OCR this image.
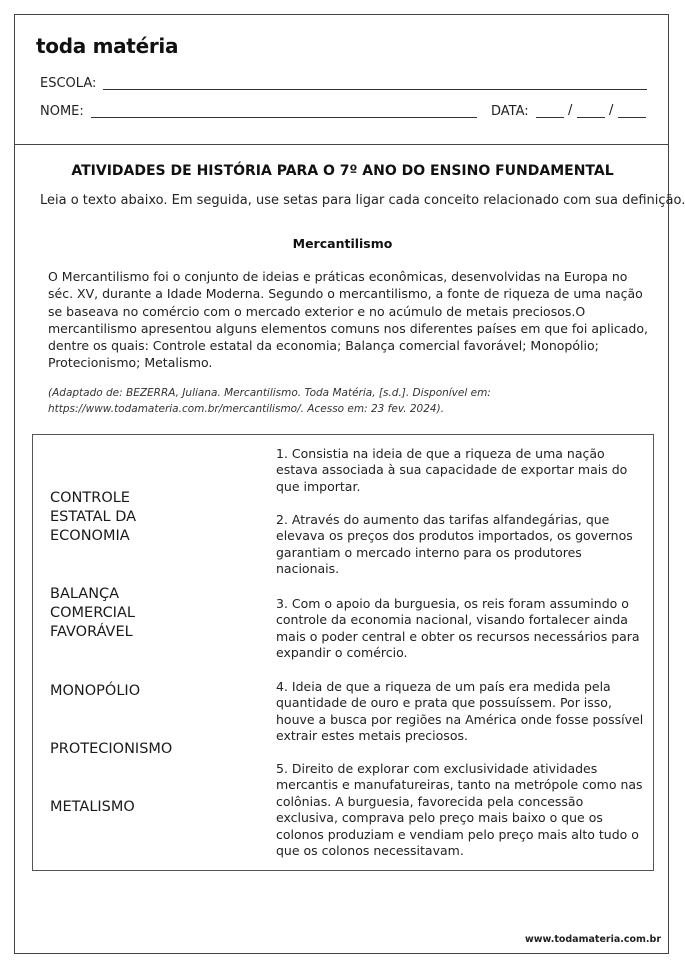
toda matéria
ESCOLA:
NOME:	DATA:	/	/
ATIVIDADES DE HISTÓRIA PARA O 7º ANO DO ENSINO FUNDAMENTAL
Leia o texto abaixo. Em seguida, use setas para ligar cada conceito relacionado com sua definição.
Mercantilismo
O Mercantilismo foi o conjunto de ideias e práticas econômicas, desenvolvidas na Europa no séc. XV, durante a Idade Moderna. Segundo o mercantilismo, a fonte de riqueza de uma nação se baseava no comércio com o mercado exterior e no acúmulo de metais preciosos.O mercantilismo apresentou alguns elementos comuns nos diferentes países em que foi aplicado, dentre os quais: Controle estatal da economia; Balança comercial favorável; Monopólio; Protecionismo; Metalismo.
(Adaptado de: BEZERRA, Juliana. Mercantilismo. Toda Matéria, [s.d.]. Disponível em: https://www.todamateria.com.br/mercantilismo/. Acesso em: 23 fev. 2024).
CONTROLE ESTATAL DA ECONOMIA
BALANÇA COMERCIAL FAVORÁVEL
MONOPÓLIO
PROTECIONISMO
METALISMO
1. Consistia na ideia de que a riqueza de uma nação estava associada à sua capacidade de exportar mais do que importar.
2. Através do aumento das tarifas alfandegárias, que elevava os preços dos produtos importados, os governos garantiam o mercado interno para os produtores nacionais.
3. Com o apoio da burguesia, os reis foram assumindo o controle da economia nacional, visando fortalecer ainda mais o poder central e obter os recursos necessários para expandir o comércio.
4. Ideia de que a riqueza de um país era medida pela quantidade de ouro e prata que possuíssem. Por isso, houve a busca por regiões na América onde fosse possível extrair estes metais preciosos.
5. Direito de explorar com exclusividade atividades mercantis e manufatureiras, tanto na metrópole como nas colônias. A burguesia, favorecida pela concessão exclusiva, comprava pelo preço mais baixo o que os colonos produziam e vendiam pelo preço mais alto tudo o que os colonos necessitavam.
www.todamateria.com.br
